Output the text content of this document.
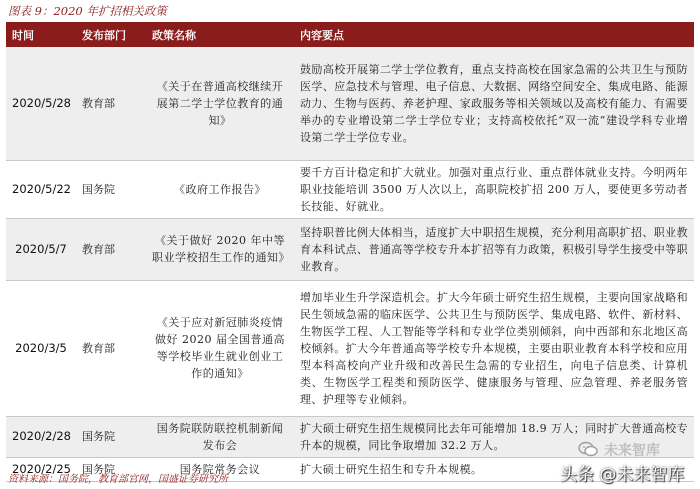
图表 9：2020 年扩招相关政策
时间	发布部门	政策名称	内容要点
2020/5/28	教育部	《关于在普通高校继续开展第二学士学位教育的通知》	鼓励高校开展第二学士学位教育，重点支持高校在国家急需的公共卫生与预防医学、应急技术与管理、电子信息、大数据、网络空间安全、集成电路、能源动力、生物与医药、养老护理、家政服务等相关领域以及高校有能力、有需要举办的专业增设第二学士学位专业；支持高校依托“双一流”建设学科专业增设第二学士学位专业。
2020/5/22	国务院	《政府工作报告》	要千方百计稳定和扩大就业。加强对重点行业、重点群体就业支持。今明两年职业技能培训 3500 万人次以上，高职院校扩招 200 万人，要使更多劳动者长技能、好就业。
2020/5/7	教育部	《关于做好 2020 年中等职业学校招生工作的通知》	坚持职普比例大体相当，适度扩大中职招生规模，充分利用高职扩招、职业教育本科试点、普通高等学校专升本扩招等有力政策，积极引导学生接受中等职业教育。
2020/3/5	教育部	《关于应对新冠肺炎疫情做好 2020 届全国普通高等学校毕业生就业创业工作的通知》	增加毕业生升学深造机会。扩大今年硕士研究生招生规模，主要向国家战略和民生领域急需的临床医学、公共卫生与预防医学、集成电路、软件、新材料、生物医学工程、人工智能等学科和专业学位类别倾斜，向中西部和东北地区高校倾斜。扩大今年普通高等学校专升本规模，主要由职业教育本科学校和应用型本科高校向产业升级和改善民生急需的专业招生，向电子信息类、计算机类、生物医学工程类和预防医学、健康服务与管理、应急管理、养老服务管理、护理等专业倾斜。
2020/2/28	国务院	国务院联防联控机制新闻发布会	扩大硕士研究生招生规模同比去年可能增加 18.9 万人；同时扩大普通高校专升本的规模，同比争取增加 32.2 万人。
2020/2/25	国务院	国务院常务会议	扩大硕士研究生招生和专升本规模。
资料来源：国务院，教育部官网，国盛证券研究所
未来智库
头条 @未来智库
